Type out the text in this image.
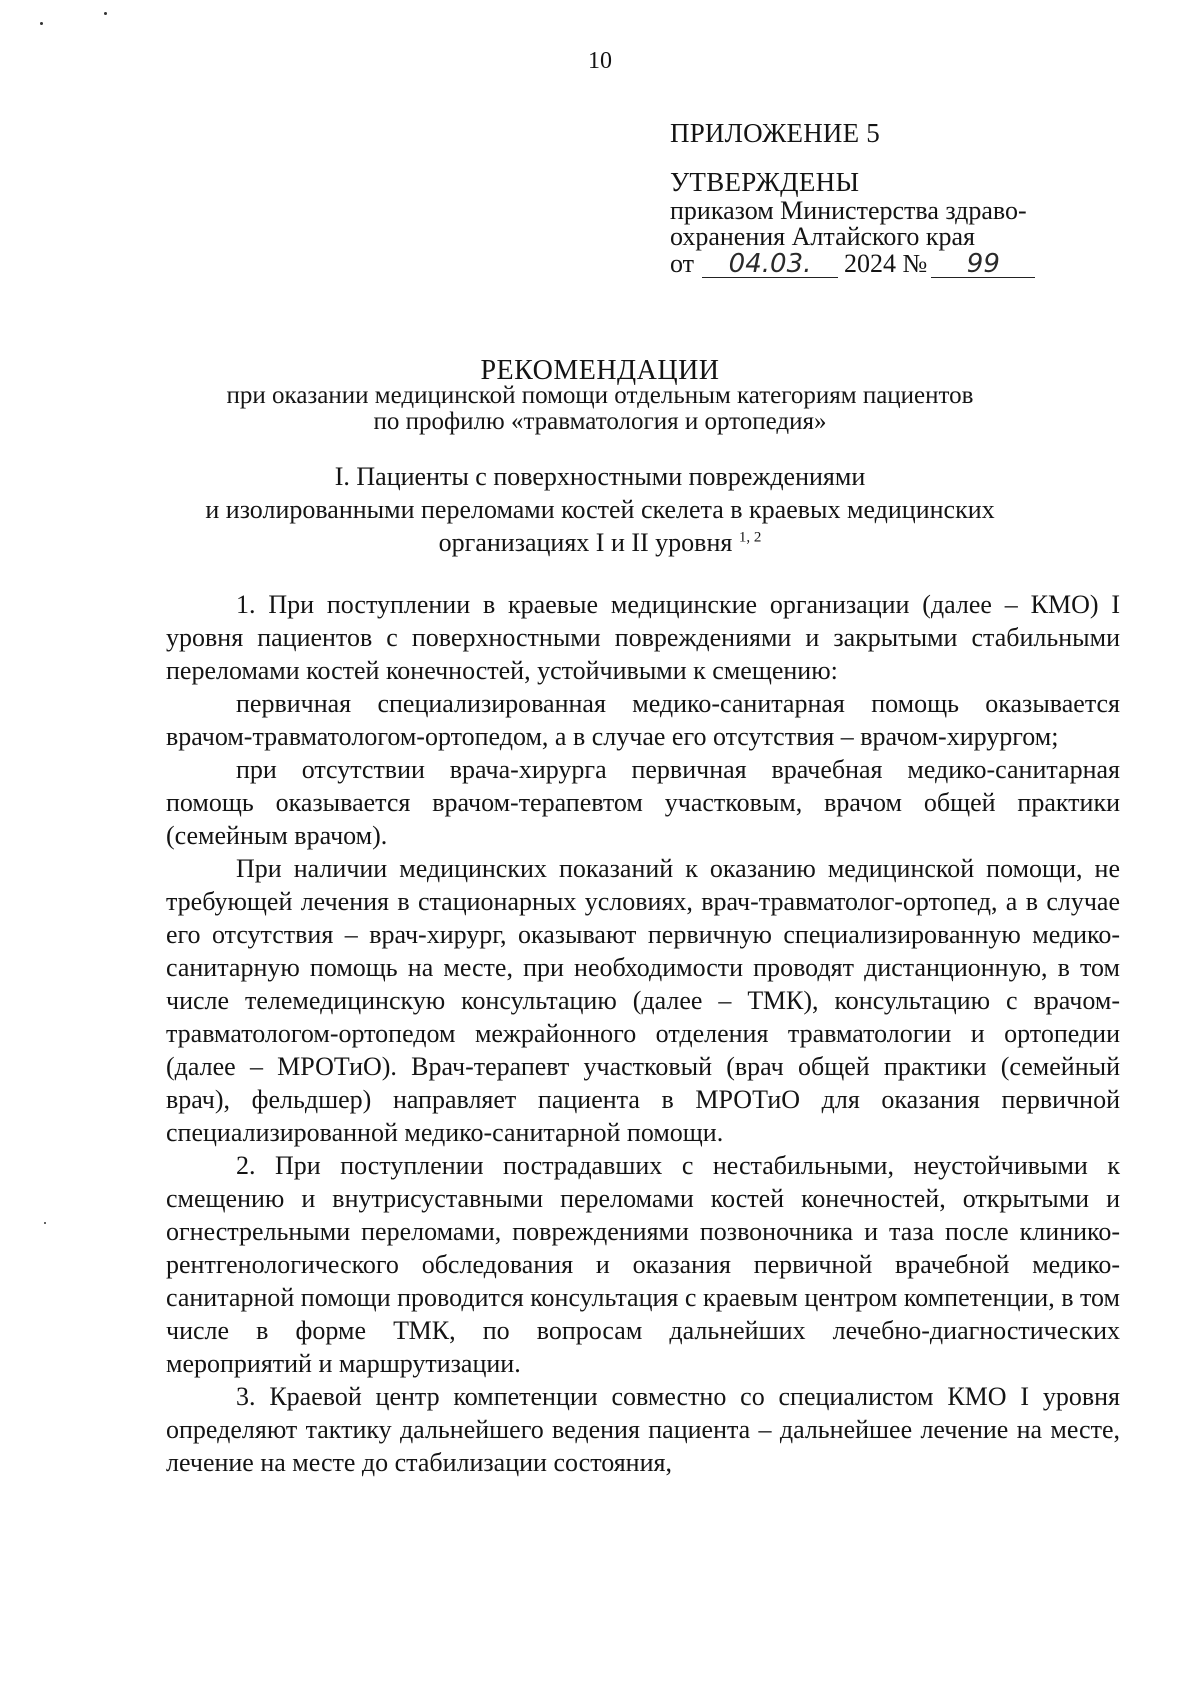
10
ПРИЛОЖЕНИЕ 5
УТВЕРЖДЕНЫ
приказом Министерства здраво-
охранения Алтайского края
от	04.03.	2024 №	99
РЕКОМЕНДАЦИИ
при оказании медицинской помощи отдельным категориям пациентов
по профилю «травматология и ортопедия»
I. Пациенты с поверхностными повреждениями
и изолированными переломами костей скелета в краевых медицинских
организациях I и II уровня $^{1, 2}$

1. При поступлении в краевые медицинские организации (далее – КМО) I уровня пациентов с поверхностными повреждениями и закрытыми стабильными переломами костей конечностей, устойчивыми к смещению:

первичная специализированная медико-санитарная помощь оказывается врачом-травматологом-ортопедом, а в случае его отсутствия – врачом-хирургом;

при отсутствии врача-хирурга первичная врачебная медико-санитарная помощь оказывается врачом-терапевтом участковым, врачом общей практики (семейным врачом).

При наличии медицинских показаний к оказанию медицинской помощи, не требующей лечения в стационарных условиях, врач-травматолог-ортопед, а в случае его отсутствия – врач-хирург, оказывают первичную специализированную медико-санитарную помощь на месте, при необходимости проводят дистанционную, в том числе телемедицинскую консультацию (далее – ТМК), консультацию с врачом-травматологом-ортопедом межрайонного отделения травматологии и ортопедии (далее – МРОТиО). Врач-терапевт участковый (врач общей практики (семейный врач), фельдшер) направляет пациента в МРОТиО для оказания первичной специализированной медико-санитарной помощи.

2. При поступлении пострадавших с нестабильными, неустойчивыми к смещению и внутрисуставными переломами костей конечностей, открытыми и огнестрельными переломами, повреждениями позвоночника и таза после клинико-рентгенологического обследования и оказания первичной врачебной медико-санитарной помощи проводится консультация с краевым центром компетенции, в том числе в форме ТМК, по вопросам дальнейших лечебно-диагностических мероприятий и маршрутизации.

3. Краевой центр компетенции совместно со специалистом КМО I уровня определяют тактику дальнейшего ведения пациента – дальнейшее лечение на месте, лечение на месте до стабилизации состояния,
